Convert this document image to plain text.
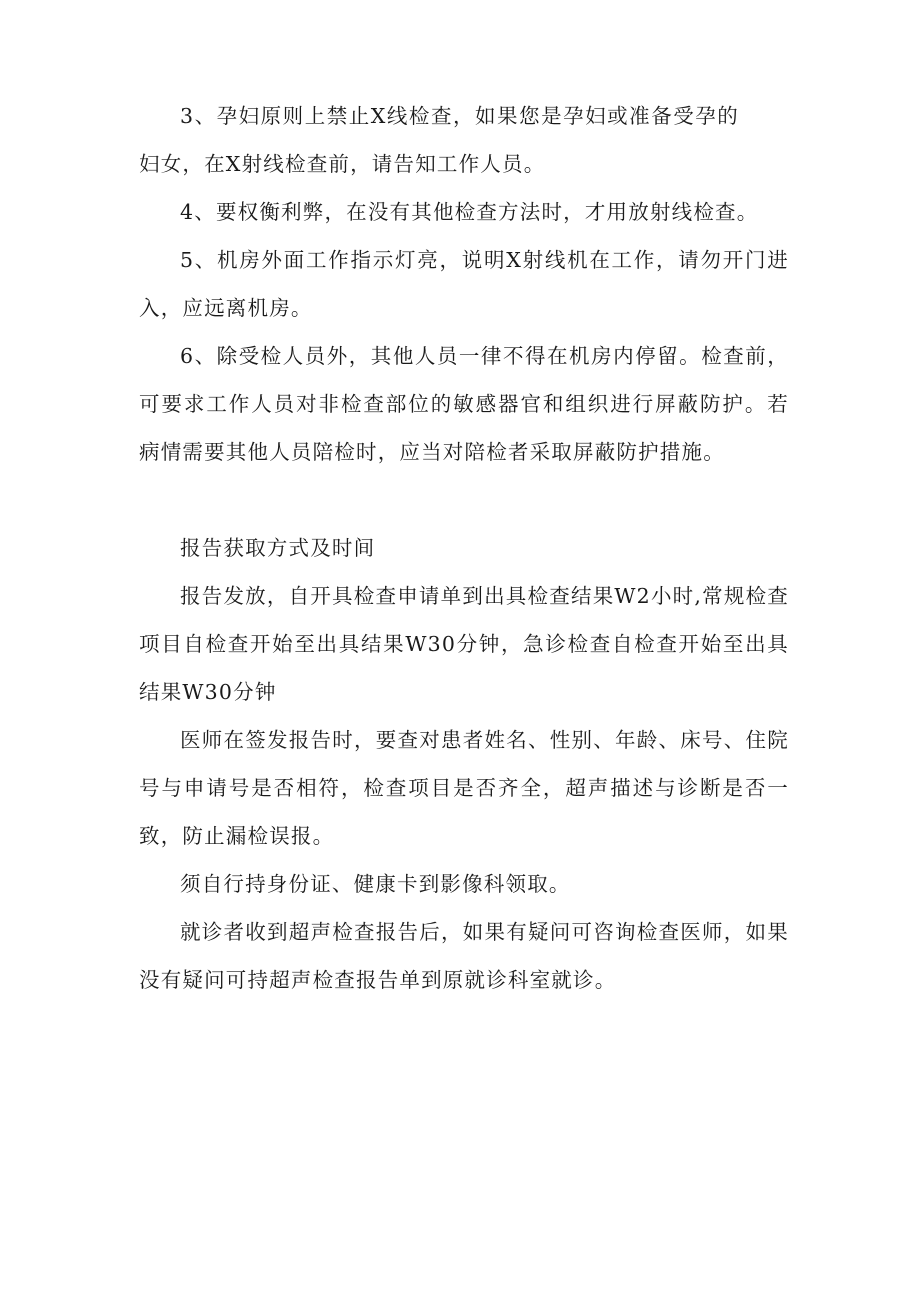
3、孕妇原则上禁止X线检查，如果您是孕妇或准备受孕的妇女，在X射线检查前，请告知工作人员。

4、要权衡利弊，在没有其他检查方法时，才用放射线检查。

5、机房外面工作指示灯亮，说明X射线机在工作，请勿开门进入，应远离机房。

6、除受检人员外，其他人员一律不得在机房内停留。检查前，可要求工作人员对非检查部位的敏感器官和组织进行屏蔽防护。若病情需要其他人员陪检时，应当对陪检者采取屏蔽防护措施。

报告获取方式及时间

报告发放，自开具检查申请单到出具检查结果W2小时,常规检查项目自检查开始至出具结果W30分钟，急诊检查自检查开始至出具结果W30分钟

医师在签发报告时，要查对患者姓名、性别、年龄、床号、住院号与申请号是否相符，检查项目是否齐全，超声描述与诊断是否一致，防止漏检误报。

须自行持身份证、健康卡到影像科领取。

就诊者收到超声检查报告后，如果有疑问可咨询检查医师，如果没有疑问可持超声检查报告单到原就诊科室就诊。
